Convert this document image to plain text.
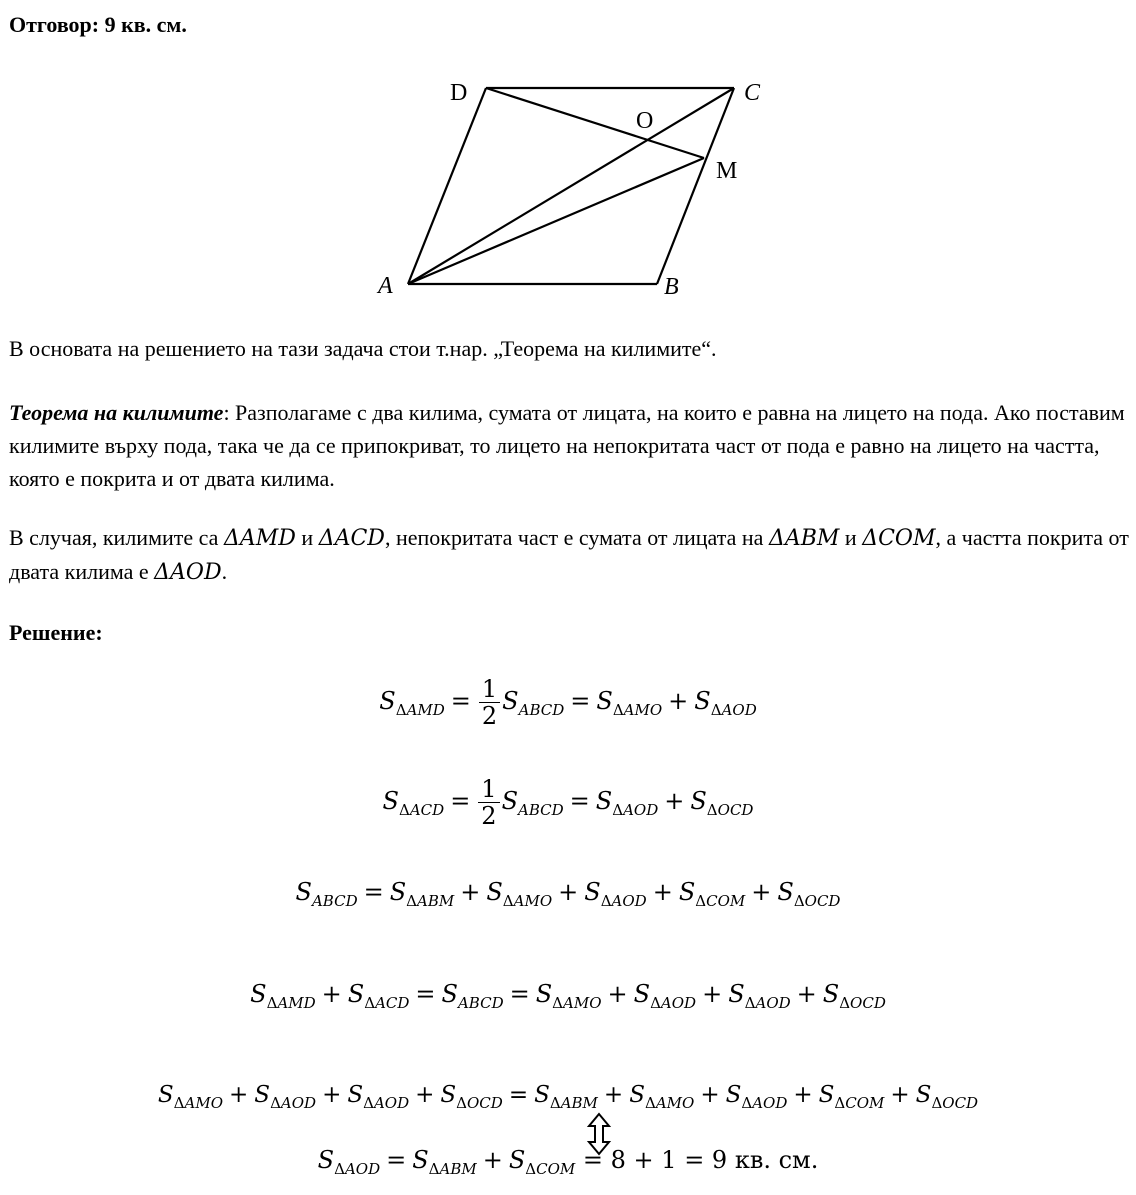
Отговор: 9 кв. см.
A	B
C
D
O
M
В основата на решението на тази задача стои т.нар. „Теорема на килимите“.
Теорема на килимите: Разполагаме с два килима, сумата от лицата, на които е равна на лицето на пода. Ако поставим килимите върху пода, така че да се припокриват, то лицето на непокритата част от пода е равно на лицето на частта, която е покрита и от двата килима.
В случая, килимите са ΔAMD и ΔACD, непокритата част е сумата от лицата на ΔABM и ΔCOM, а частта покрита от двата килима е ΔAOD.
Решение:
$S_{\Delta AMD} = \frac{1}{2} S_{ABCD} = S_{\Delta AMO} + S_{\Delta AOD}$
$S_{\Delta ACD} = \frac{1}{2} S_{ABCD} = S_{\Delta AOD} + S_{\Delta OCD}$
$S_{ABCD} = S_{\Delta ABM} + S_{\Delta AMO} + S_{\Delta AOD} + S_{\Delta COM} + S_{\Delta OCD}$
$S_{\Delta AMD} + S_{\Delta ACD} = S_{ABCD} = S_{\Delta AMO} + S_{\Delta AOD} + S_{\Delta AOD} + S_{\Delta OCD}$
$S_{\Delta AMO} + S_{\Delta AOD} + S_{\Delta AOD} + S_{\Delta OCD} = S_{\Delta ABM} + S_{\Delta AMO} + S_{\Delta AOD} + S_{\Delta COM} + S_{\Delta OCD}$
$S_{\Delta AOD} = S_{\Delta ABM} + S_{\Delta COM} = 8 + 1 = 9$ кв. см.
